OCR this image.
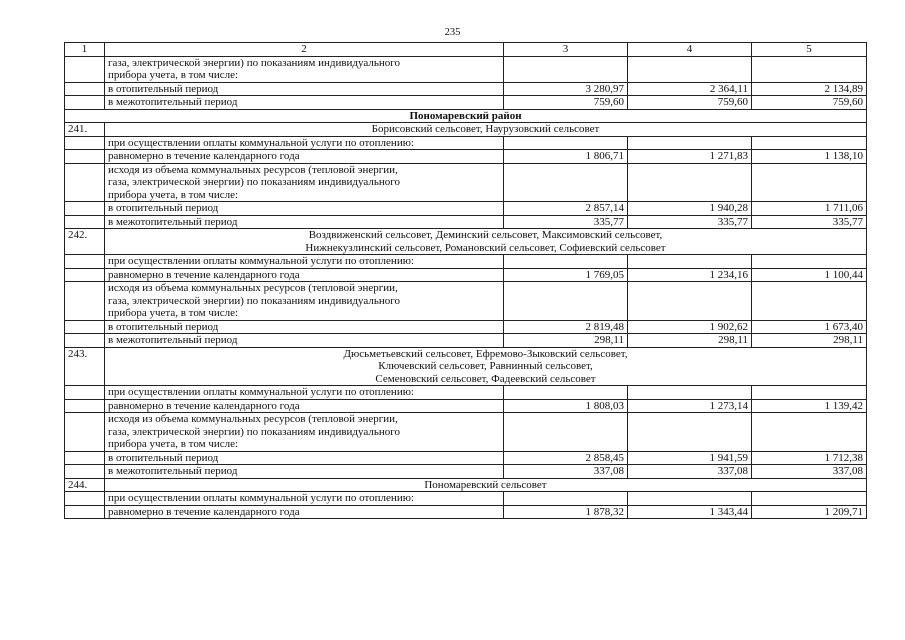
235
1	2	3	4	5

	газа, электрической энергии) по показаниям индивидуального
прибора учета, в том числе:			

	в отопительный период	3 280,97	2 364,11	2 134,89
	в межотопительный период	759,60	759,60	759,60
Пономаревский район				
241.	Борисовский сельсовет, Наурузовский сельсовет			

	при осуществлении оплаты коммунальной услуги по отоплению:			
	равномерно в течение календарного года	1 806,71	1 271,83	1 138,10

	исходя из объема коммунальных ресурсов (тепловой энергии,
газа, электрической энергии) по показаниям индивидуального
прибора учета, в том числе:			

	в отопительный период	2 857,14	1 940,28	1 711,06
	в межотопительный период	335,77	335,77	335,77
242.	Воздвиженский сельсовет, Деминский сельсовет, Максимовский сельсовет,
Нижнекузлинский сельсовет, Романовский сельсовет, Софиевский сельсовет			

	при осуществлении оплаты коммунальной услуги по отоплению:			
	равномерно в течение календарного года	1 769,05	1 234,16	1 100,44

	исходя из объема коммунальных ресурсов (тепловой энергии,
газа, электрической энергии) по показаниям индивидуального
прибора учета, в том числе:			

	в отопительный период	2 819,48	1 902,62	1 673,40
	в межотопительный период	298,11	298,11	298,11
243.	Дюсьметьевский сельсовет, Ефремово-Зыковский сельсовет,
Ключевский сельсовет, Равнинный сельсовет,
Семеновский сельсовет, Фадеевский сельсовет			

	при осуществлении оплаты коммунальной услуги по отоплению:			
	равномерно в течение календарного года	1 808,03	1 273,14	1 139,42

	исходя из объема коммунальных ресурсов (тепловой энергии,
газа, электрической энергии) по показаниям индивидуального
прибора учета, в том числе:			

	в отопительный период	2 858,45	1 941,59	1 712,38
	в межотопительный период	337,08	337,08	337,08
244.	Пономаревский сельсовет			

	при осуществлении оплаты коммунальной услуги по отоплению:			
	равномерно в течение календарного года	1 878,32	1 343,44	1 209,71
